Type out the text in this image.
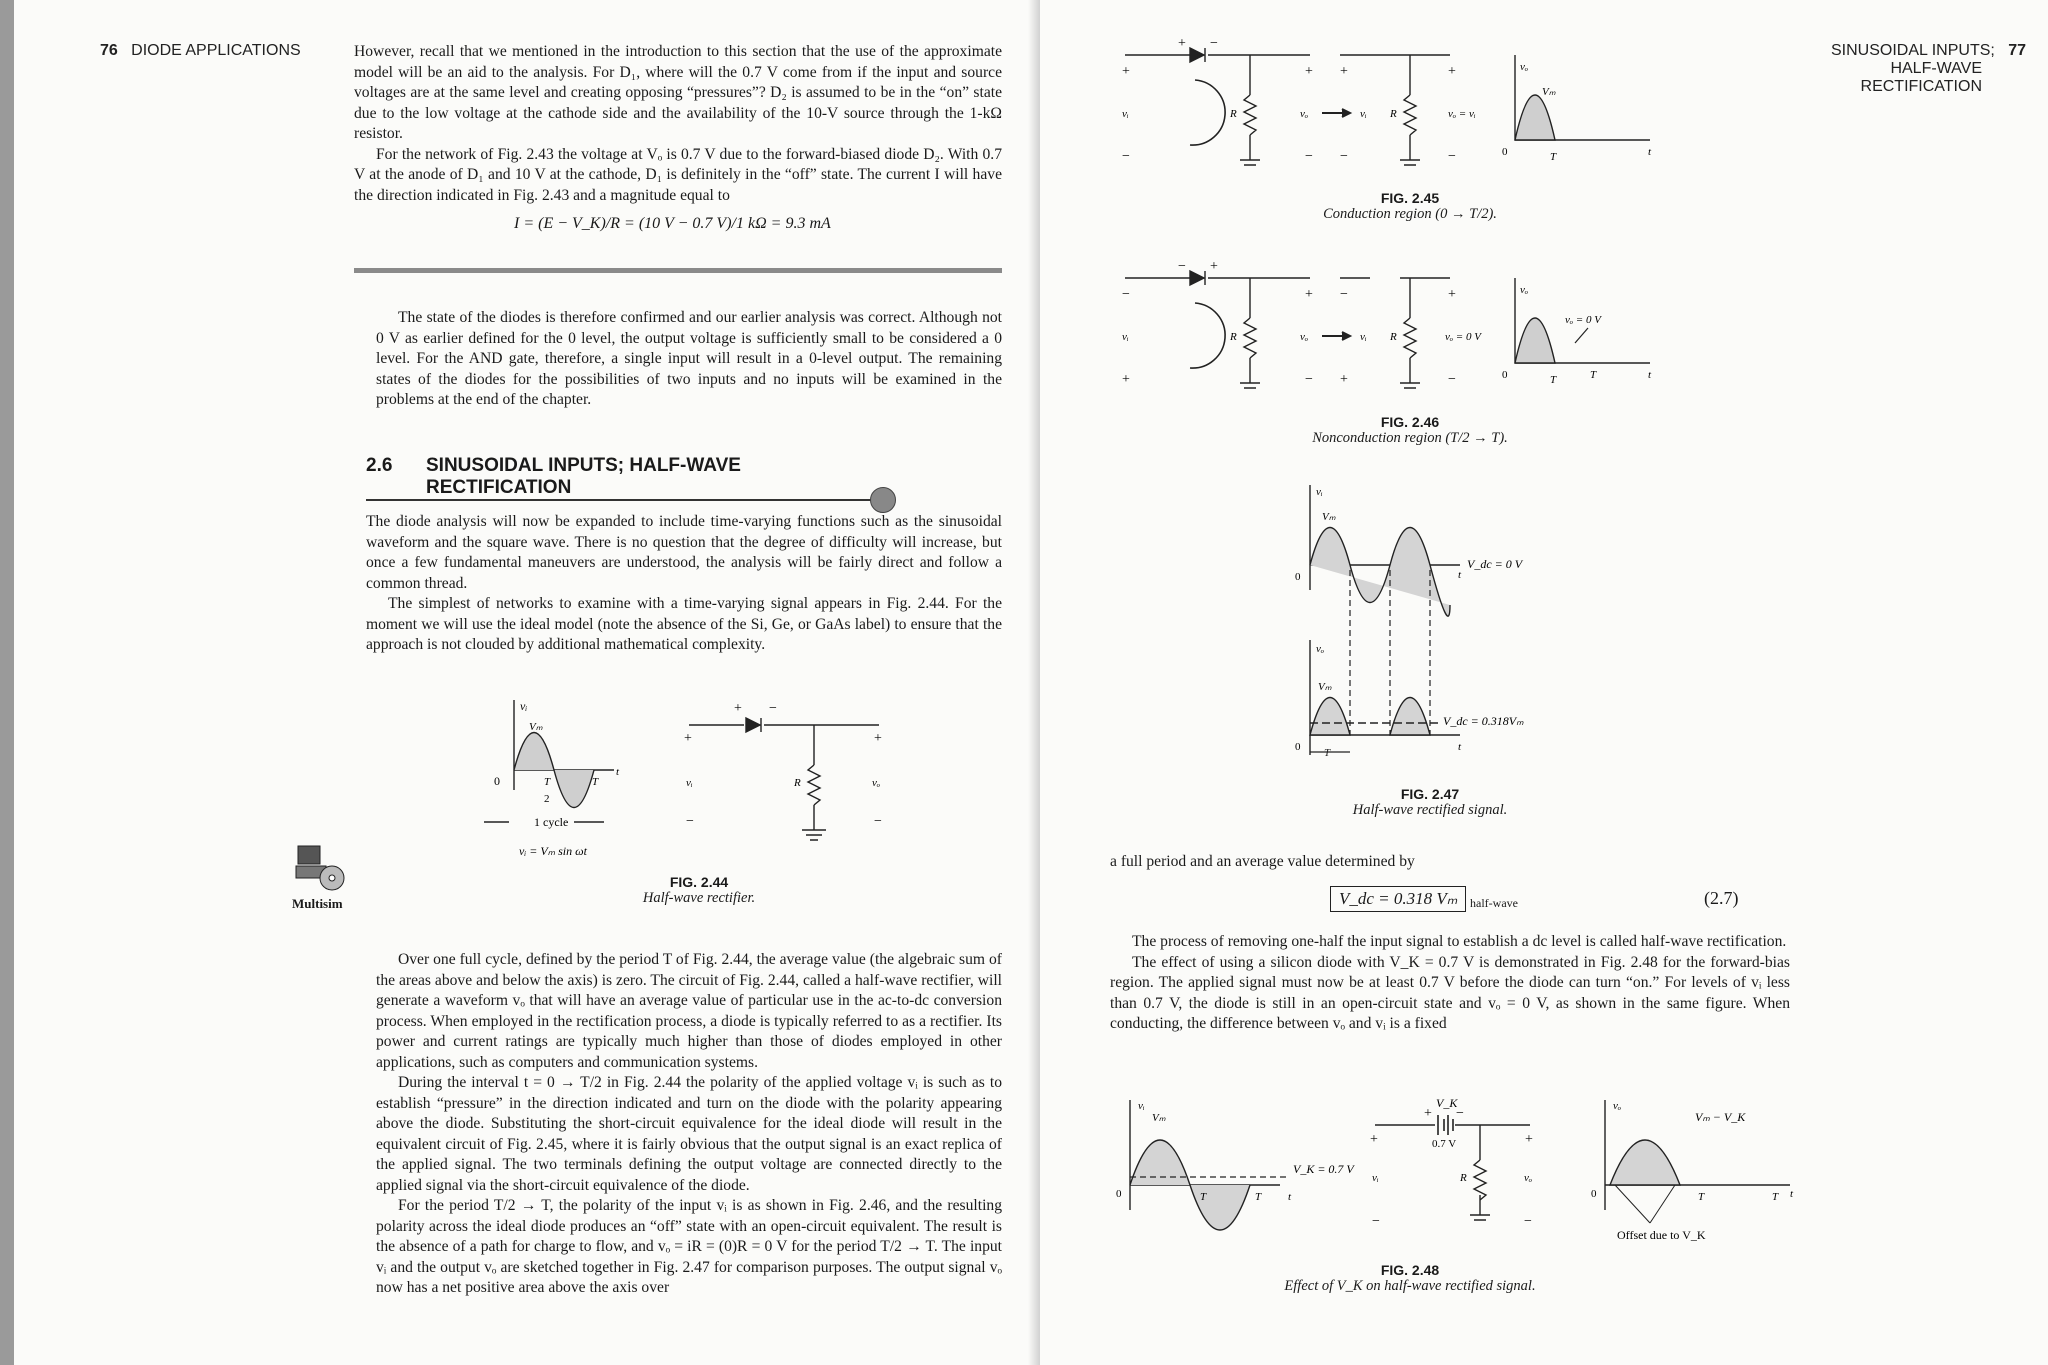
76 DIODE APPLICATIONS	However, recall that we mentioned in the introduction to this section that the use of the approximate model will be an aid to the analysis. For D₁, where will the 0.7 V come from if the input and source voltages are at the same level and creating opposing “pressures”? D₂ is assumed to be in the “on” state due to the low voltage at the cathode side and the availability of the 10-V source through the 1-kΩ resistor.

For the network of Fig. 2.43 the voltage at Vₒ is 0.7 V due to the forward-biased diode D₂. With 0.7 V at the anode of D₁ and 10 V at the cathode, D₁ is definitely in the “off” state. The current I will have the direction indicated in Fig. 2.43 and a magnitude equal to

I = (E − V_K)/R = (10 V − 0.7 V)/1 kΩ = 9.3 mA

The state of the diodes is therefore confirmed and our earlier analysis was correct. Although not 0 V as earlier defined for the 0 level, the output voltage is sufficiently small to be considered a 0 level. For the AND gate, therefore, a single input will result in a 0-level output. The remaining states of the diodes for the possibilities of two inputs and no inputs will be examined in the problems at the end of the chapter.

2.6 SINUSOIDAL INPUTS; HALF-WAVE
RECTIFICATION

The diode analysis will now be expanded to include time-varying functions such as the sinusoidal waveform and the square wave. There is no question that the degree of difficulty will increase, but once a few fundamental maneuvers are understood, the analysis will be fairly direct and follow a common thread.

The simplest of networks to examine with a time-varying signal appears in Fig. 2.44. For the moment we will use the ideal model (note the absence of the Si, Ge, or GaAs label) to ensure that the approach is not clouded by additional mathematical complexity.

0
vᵢ
Vₘ
t
T
2
T
1 cycle
vᵢ = Vₘ sin ωt
+ −
+	+
vᵢ	vₒ
R
−	−
Multisim
FIG. 2.44
Half-wave rectifier.

Over one full cycle, defined by the period T of Fig. 2.44, the average value (the algebraic sum of the areas above and below the axis) is zero. The circuit of Fig. 2.44, called a half-wave rectifier, will generate a waveform vₒ that will have an average value of particular use in the ac-to-dc conversion process. When employed in the rectification process, a diode is typically referred to as a rectifier. Its power and current ratings are typically much higher than those of diodes employed in other applications, such as computers and communication systems.

During the interval t = 0 → T/2 in Fig. 2.44 the polarity of the applied voltage vᵢ is such as to establish “pressure” in the direction indicated and turn on the diode with the polarity appearing above the diode. Substituting the short-circuit equivalence for the ideal diode will result in the equivalent circuit of Fig. 2.45, where it is fairly obvious that the output signal is an exact replica of the applied signal. The two terminals defining the output voltage are connected directly to the applied signal via the short-circuit equivalence of the diode.

For the period T/2 → T, the polarity of the input vᵢ is as shown in Fig. 2.46, and the resulting polarity across the ideal diode produces an “off” state with an open-circuit equivalent. The result is the absence of a path for charge to flow, and vₒ = iR = (0)R = 0 V for the period T/2 → T. The input vᵢ and the output vₒ are sketched together in Fig. 2.47 for comparison purposes. The output signal vₒ now has a net positive area above the axis over

SINUSOIDAL INPUTS; 77
HALF-WAVE
RECTIFICATION
+
−
vᵢ
+ −
R
+
−
vₒ	vᵢ
+
−
R	vₒ = vᵢ
+
−
vₒ
Vₘ
0	T	t
FIG. 2.45
Conduction region (0 → T/2).
−
+
vᵢ
− +
R
+
−
vₒ	vᵢ
−
+
R	vₒ = 0 V
+
−
vₒ
vₒ = 0 V
0	T	T	t
FIG. 2.46
Nonconduction region (T/2 → T).
vᵢ
Vₘ
0	t
V_dc = 0 V
vₒ
Vₘ
0	t
V_dc = 0.318Vₘ
T
FIG. 2.47
Half-wave rectified signal.

a full period and an average value determined by

V_dc = 0.318 Vₘ	half-wave	(2.7)

The process of removing one-half the input signal to establish a dc level is called half-wave rectification.

The effect of using a silicon diode with V_K = 0.7 V is demonstrated in Fig. 2.48 for the forward-bias region. The applied signal must now be at least 0.7 V before the diode can turn “on.” For levels of vᵢ less than 0.7 V, the diode is still in an open-circuit state and vₒ = 0 V, as shown in the same figure. When conducting, the difference between vₒ and vᵢ is a fixed

vᵢ
Vₘ
0
V_K = 0.7 V
T	T t
V_K
+ −
0.7 V
+	+
vᵢ	vₒ
R
−	−
vₒ
Vₘ − V_K
0	T	T t
Offset due to V_K
FIG. 2.48
Effect of V_K on half-wave rectified signal.
